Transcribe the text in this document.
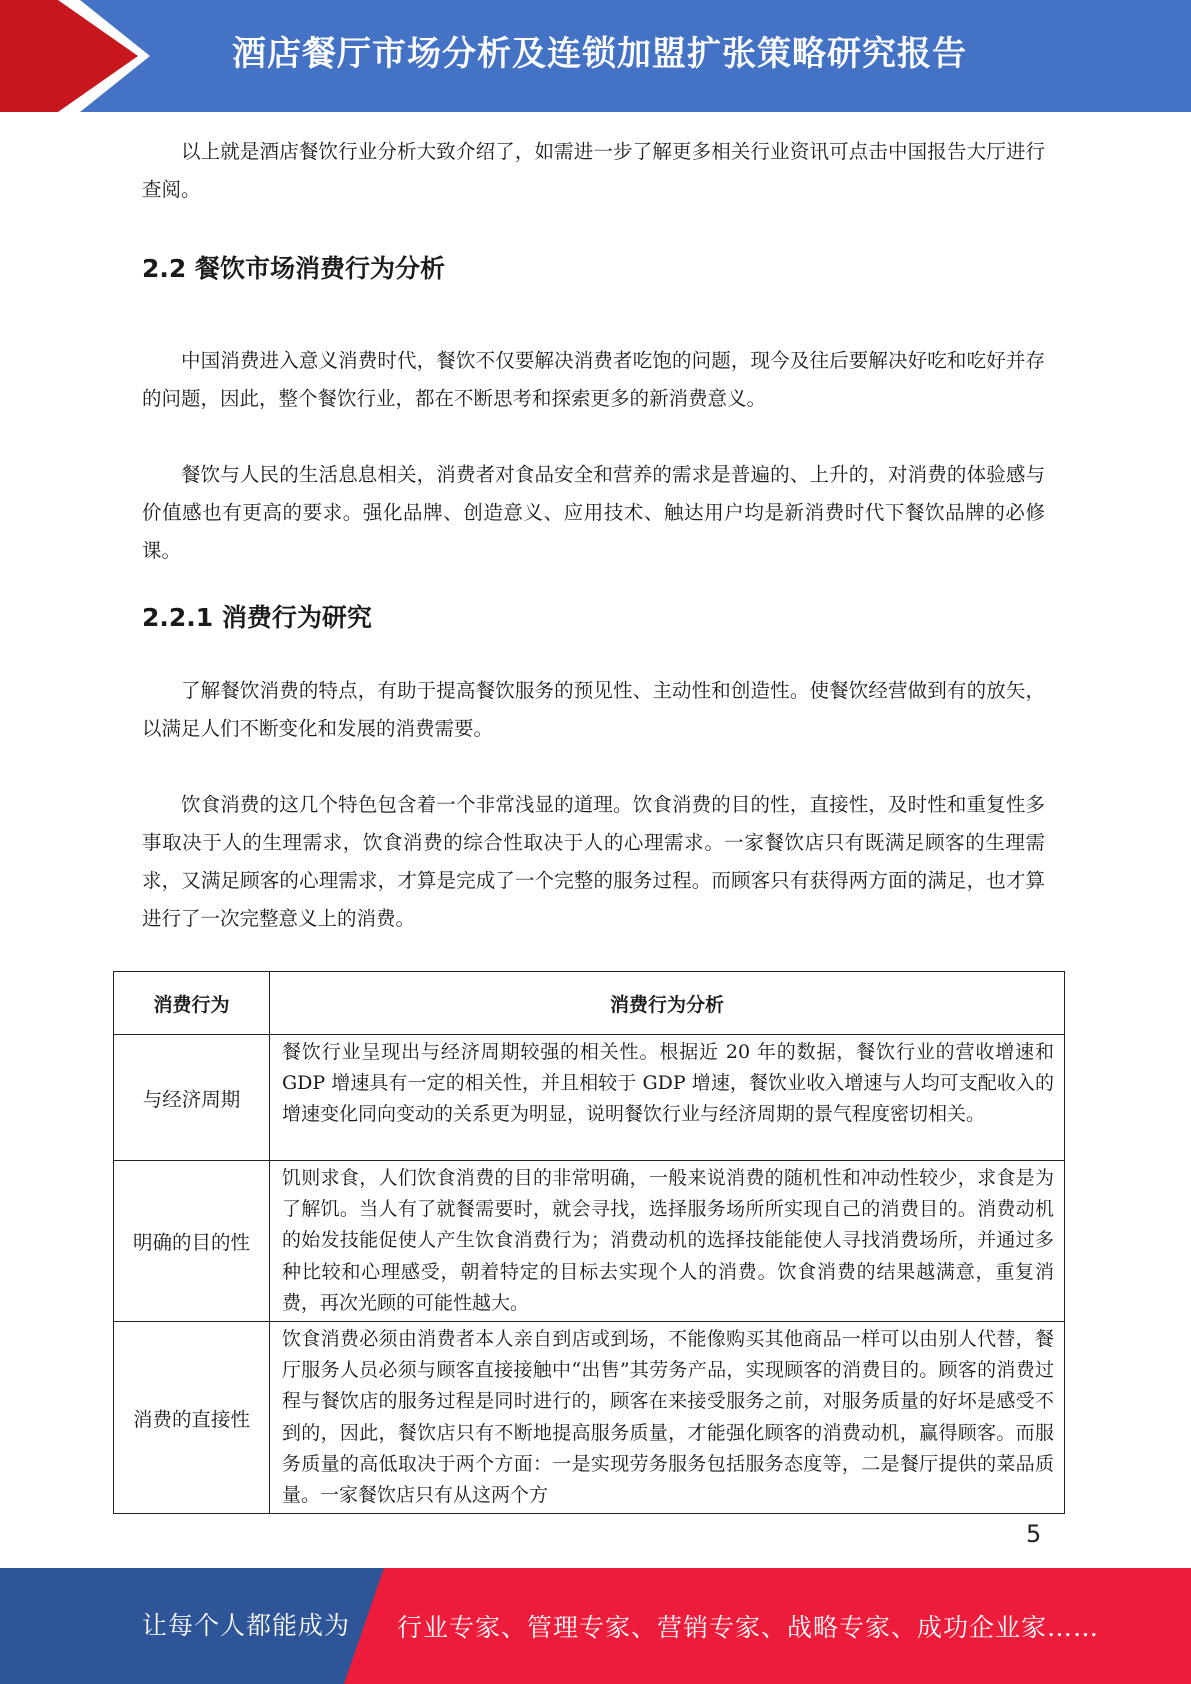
酒店餐厅市场分析及连锁加盟扩张策略研究报告

以上就是酒店餐饮行业分析大致介绍了，如需进一步了解更多相关行业资讯可点击中国报告大厅进行查阅。

2.2 餐饮市场消费行为分析

中国消费进入意义消费时代，餐饮不仅要解决消费者吃饱的问题，现今及往后要解决好吃和吃好并存的问题，因此，整个餐饮行业，都在不断思考和探索更多的新消费意义。

餐饮与人民的生活息息相关，消费者对食品安全和营养的需求是普遍的、上升的，对消费的体验感与价值感也有更高的要求。强化品牌、创造意义、应用技术、触达用户均是新消费时代下餐饮品牌的必修课。

2.2.1 消费行为研究

了解餐饮消费的特点，有助于提高餐饮服务的预见性、主动性和创造性。使餐饮经营做到有的放矢，以满足人们不断变化和发展的消费需要。

饮食消费的这几个特色包含着一个非常浅显的道理。饮食消费的目的性，直接性，及时性和重复性多事取决于人的生理需求，饮食消费的综合性取决于人的心理需求。一家餐饮店只有既满足顾客的生理需求，又满足顾客的心理需求，才算是完成了一个完整的服务过程。而顾客只有获得两方面的满足，也才算进行了一次完整意义上的消费。

消费行为	消费行为分析
与经济周期	餐饮行业呈现出与经济周期较强的相关性。根据近 20 年的数据，餐饮行业的营收增速和 GDP 增速具有一定的相关性，并且相较于 GDP 增速，餐饮业收入增速与人均可支配收入的增速变化同向变动的关系更为明显，说明餐饮行业与经济周期的景气程度密切相关。
明确的目的性	饥则求食，人们饮食消费的目的非常明确，一般来说消费的随机性和冲动性较少，求食是为了解饥。当人有了就餐需要时，就会寻找，选择服务场所所实现自己的消费目的。消费动机的始发技能促使人产生饮食消费行为；消费动机的选择技能能使人寻找消费场所，并通过多种比较和心理感受，朝着特定的目标去实现个人的消费。饮食消费的结果越满意，重复消费，再次光顾的可能性越大。
消费的直接性	饮食消费必须由消费者本人亲自到店或到场，不能像购买其他商品一样可以由别人代替，餐厅服务人员必须与顾客直接接触中“出售”其劳务产品，实现顾客的消费目的。顾客的消费过程与餐饮店的服务过程是同时进行的，顾客在来接受服务之前，对服务质量的好坏是感受不到的，因此，餐饮店只有不断地提高服务质量，才能强化顾客的消费动机，赢得顾客。而服务质量的高低取决于两个方面：一是实现劳务服务包括服务态度等，二是餐厅提供的菜品质量。一家餐饮店只有从这两个方
5
让每个人都能成为 行业专家、管理专家、营销专家、战略专家、成功企业家……
